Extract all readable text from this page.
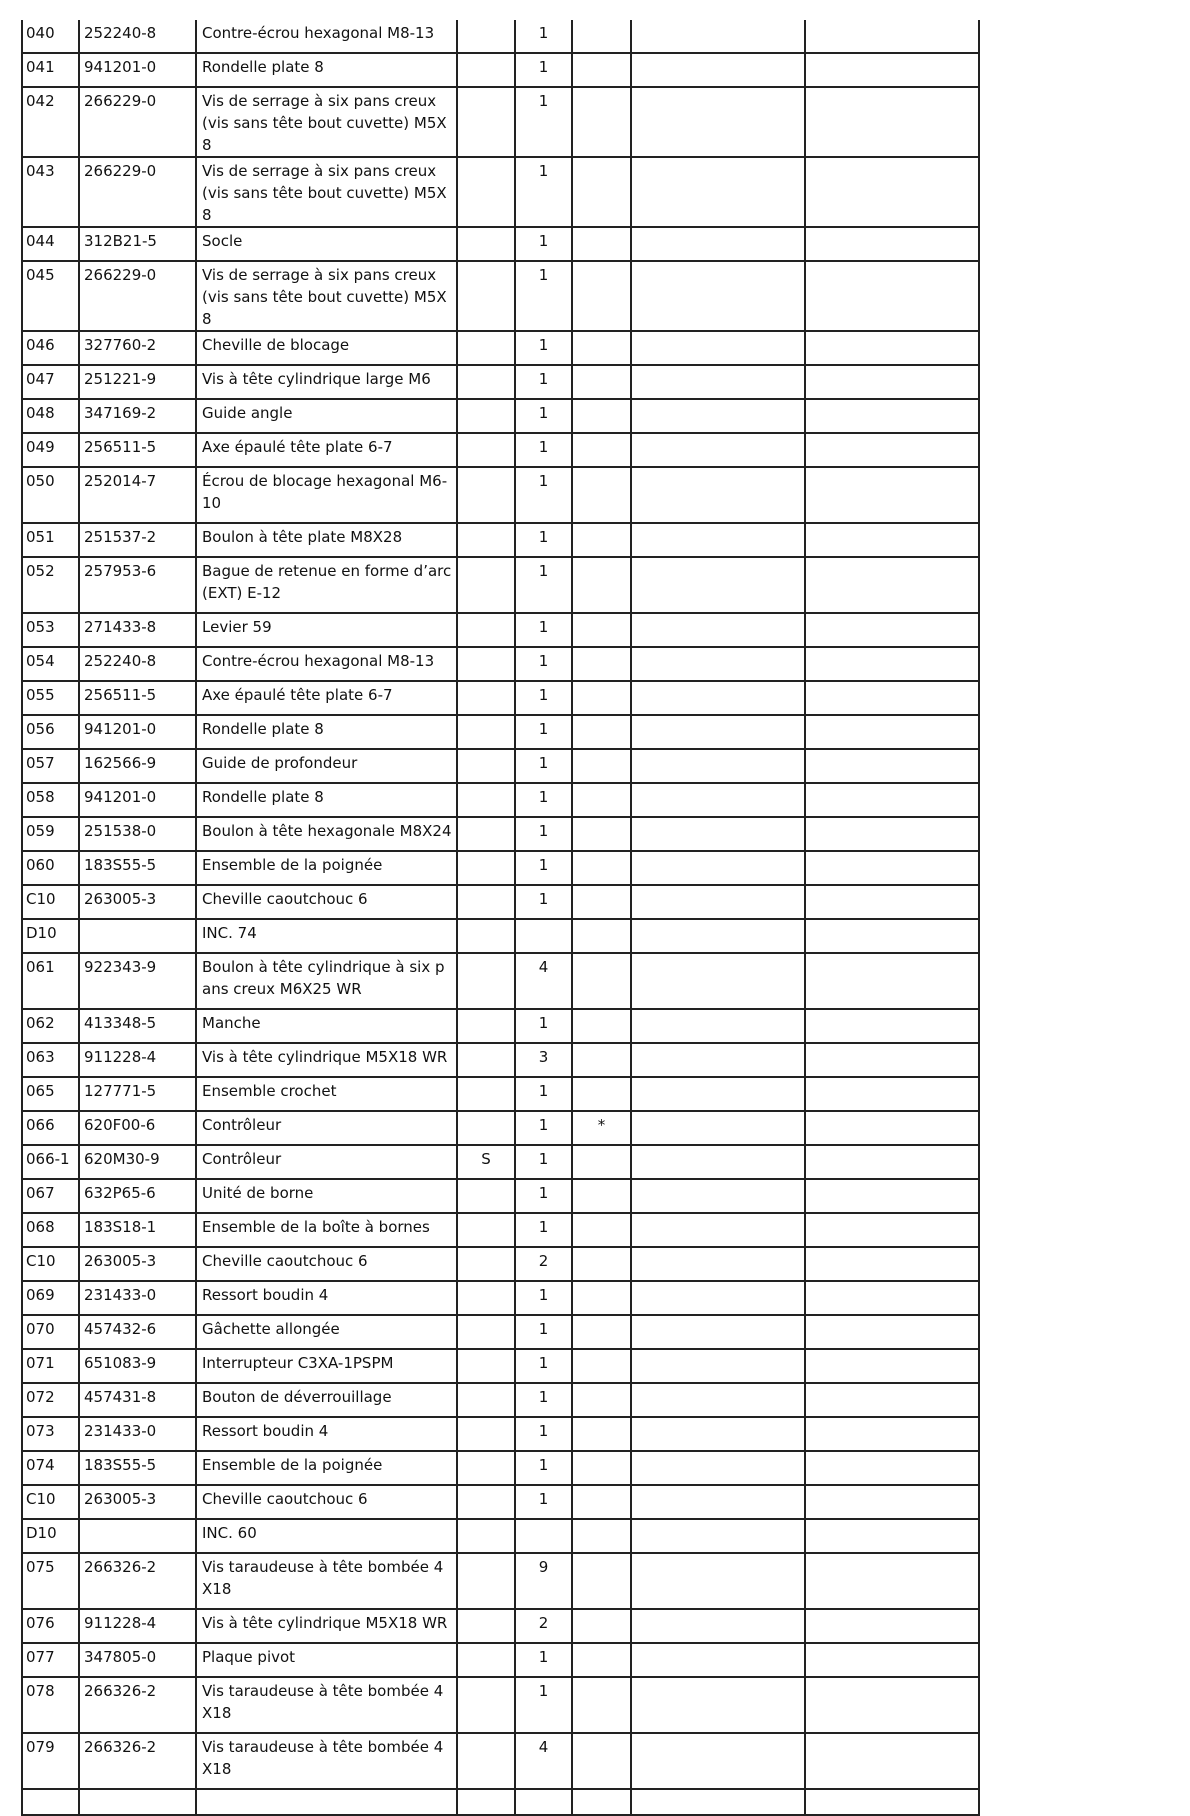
040	252240-8	Contre-écrou hexagonal M8-13		1			
041	941201-0	Rondelle plate 8		1			
042	266229-0	Vis de serrage à six pans creux (vis sans tête bout cuvette) M5X8		1			
043	266229-0	Vis de serrage à six pans creux (vis sans tête bout cuvette) M5X8		1			
044	312B21-5	Socle		1			
045	266229-0	Vis de serrage à six pans creux (vis sans tête bout cuvette) M5X8		1			
046	327760-2	Cheville de blocage		1			
047	251221-9	Vis à tête cylindrique large M6		1			
048	347169-2	Guide angle		1			
049	256511-5	Axe épaulé tête plate 6-7		1			
050	252014-7	Écrou de blocage hexagonal M6-10		1			
051	251537-2	Boulon à tête plate M8X28		1			
052	257953-6	Bague de retenue en forme d’arc (EXT) E-12		1			
053	271433-8	Levier 59		1			
054	252240-8	Contre-écrou hexagonal M8-13		1			
055	256511-5	Axe épaulé tête plate 6-7		1			
056	941201-0	Rondelle plate 8		1			
057	162566-9	Guide de profondeur		1			
058	941201-0	Rondelle plate 8		1			
059	251538-0	Boulon à tête hexagonale M8X24		1			
060	183S55-5	Ensemble de la poignée		1			
C10	263005-3	Cheville caoutchouc 6		1			
D10		INC. 74					
061	922343-9	Boulon à tête cylindrique à six pans creux M6X25 WR		4			
062	413348-5	Manche		1			
063	911228-4	Vis à tête cylindrique M5X18 WR		3			
065	127771-5	Ensemble crochet		1			
066	620F00-6	Contrôleur		1	*		
066-1	620M30-9	Contrôleur	S	1			
067	632P65-6	Unité de borne		1			
068	183S18-1	Ensemble de la boîte à bornes		1			
C10	263005-3	Cheville caoutchouc 6		2			
069	231433-0	Ressort boudin 4		1			
070	457432-6	Gâchette allongée		1			
071	651083-9	Interrupteur C3XA-1PSPM		1			
072	457431-8	Bouton de déverrouillage		1			
073	231433-0	Ressort boudin 4		1			
074	183S55-5	Ensemble de la poignée		1			
C10	263005-3	Cheville caoutchouc 6		1			
D10		INC. 60					
075	266326-2	Vis taraudeuse à tête bombée 4X18		9			
076	911228-4	Vis à tête cylindrique M5X18 WR		2			
077	347805-0	Plaque pivot		1			
078	266326-2	Vis taraudeuse à tête bombée 4X18		1			
079	266326-2	Vis taraudeuse à tête bombée 4X18		4			
